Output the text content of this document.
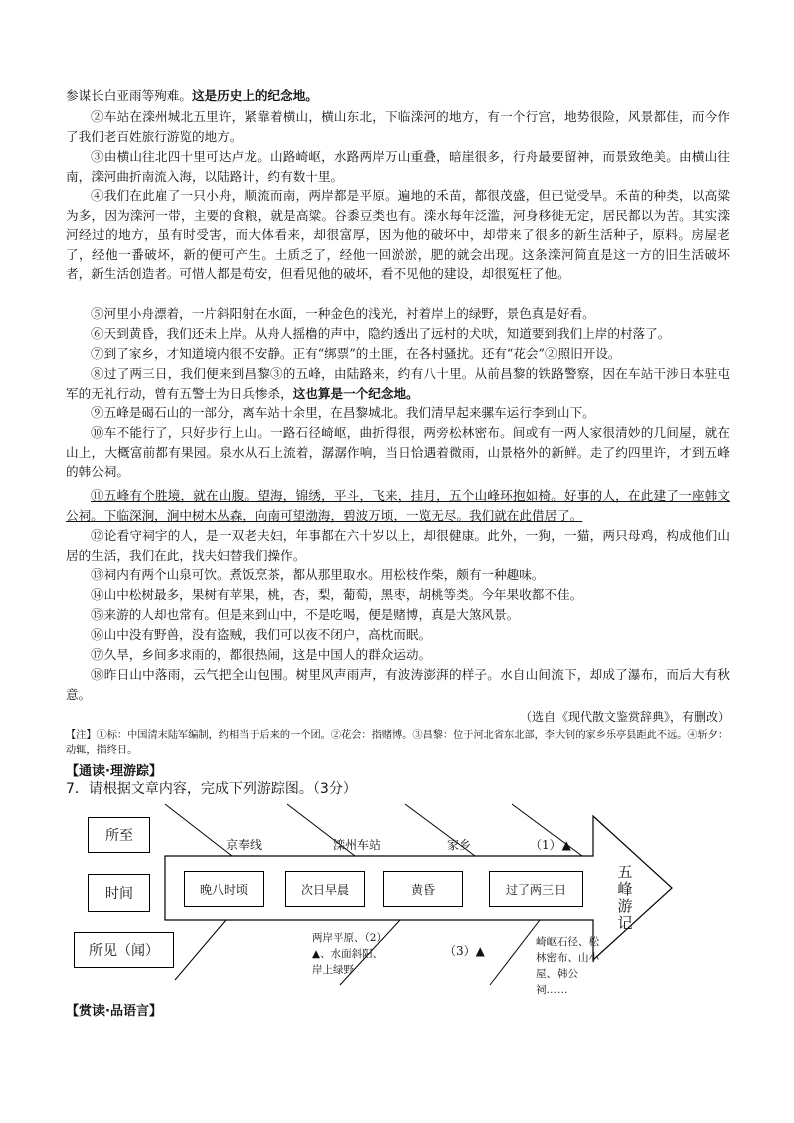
参谋长白亚雨等殉难。这是历史上的纪念地。
②车站在滦州城北五里许，紧靠着横山，横山东北，下临滦河的地方，有一个行宫，地势很险，风景都佳，而今作了我们老百姓旅行游览的地方。
③由横山往北四十里可达卢龙。山路崎岖，水路两岸万山重叠，暗崖很多，行舟最要留神，而景致绝美。由横山往南，滦河曲折南流入海，以陆路计，约有数十里。
④我们在此雇了一只小舟，顺流而南，两岸都是平原。遍地的禾苗，都很茂盛，但已觉受旱。禾苗的种类，以高粱为多，因为滦河一带，主要的食粮，就是高粱。谷黍豆类也有。滦水每年泛滥，河身移徙无定，居民都以为苦。其实滦河经过的地方，虽有时受害，而大体看来，却很富厚，因为他的破坏中，却带来了很多的新生活种子，原料。房屋老了，经他一番破坏，新的便可产生。土质乏了，经他一回淤淤，肥的就会出现。这条滦河简直是这一方的旧生活破坏者，新生活创造者。可惜人都是苟安，但看见他的破坏，看不见他的建设，却很冤枉了他。
⑤河里小舟漂着，一片斜阳射在水面，一种金色的浅光，衬着岸上的绿野，景色真是好看。
⑥天到黄昏，我们还未上岸。从舟人摇橹的声中，隐约透出了远村的犬吠，知道要到我们上岸的村落了。
⑦到了家乡，才知道境内很不安静。正有“绑票”的土匪，在各村骚扰。还有“花会”②照旧开设。
⑧过了两三日，我们便来到昌黎③的五峰，由陆路来，约有八十里。从前昌黎的铁路警察，因在车站干涉日本驻屯军的无礼行动，曾有五警士为日兵惨杀，这也算是一个纪念地。
⑨五峰是碣石山的一部分，离车站十余里，在昌黎城北。我们清早起来骡车运行李到山下。
⑩车不能行了，只好步行上山。一路石径崎岖，曲折得很，两旁松林密布。间或有一两人家很清妙的几间屋，就在山上，大概富前都有果园。泉水从石上流着，潺潺作响，当日恰遇着微雨，山景格外的新鲜。走了约四里许，才到五峰的韩公祠。
⑪五峰有个胜境，就在山腹。望海，锦绣，平斗，飞来，挂月，五个山峰环抱如椅。好事的人，在此建了一座韩文公祠。下临深涧，涧中树木丛森，向南可望渤海，碧波万顷，一览无尽。我们就在此借居了。
⑫论看守祠宇的人，是一双老夫妇，年事都在六十岁以上，却很健康。此外，一狗，一猫，两只母鸡，构成他们山居的生活，我们在此，找夫妇替我们操作。
⑬祠内有两个山泉可饮。煮饭烹茶，都从那里取水。用松枝作柴，颇有一种趣味。
⑭山中松树最多，果树有苹果，桃，杏，梨，葡萄，黑枣，胡桃等类。今年果收都不佳。
⑮来游的人却也常有。但是来到山中，不是吃喝，便是赌博，真是大煞风景。
⑯山中没有野兽，没有盗贼，我们可以夜不闭户，高枕而眠。
⑰久旱，乡间多求雨的，都很热闹，这是中国人的群众运动。
⑱昨日山中落雨，云气把全山包围。树里风声雨声，有波涛澎湃的样子。水自山间流下，却成了瀑布，而后大有秋意。
（选自《现代散文鉴赏辞典》，有删改）
【注】①标：中国清末陆军编制，约相当于后来的一个团。②花会：指赌博。③昌黎：位于河北省东北部，李大钊的家乡乐亭县距此不远。④斩夕：动辄，指终日。
【通读·理游踪】
7．请根据文章内容，完成下列游踪图。（3分）
所至
时间
所见（闻）
京奉线	滦州车站	家乡	（1）▲
晚八时顷	次日早晨	黄昏	过了两三日
五峰游记
两岸平原、（2）▲、水面斜阳、岸上绿野
（3）▲
崎岖石径、松林密布、山小屋、韩公祠……
【赏读·品语言】
